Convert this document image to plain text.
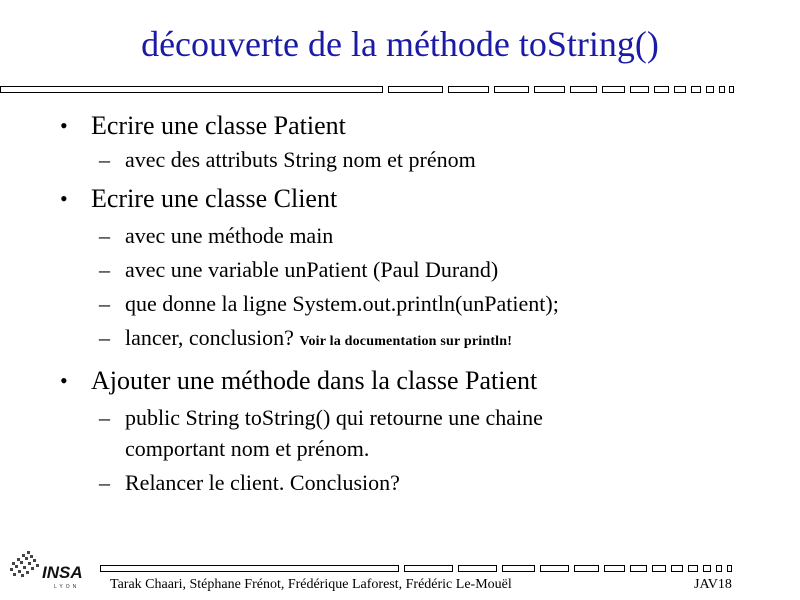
découverte de la méthode toString()
• Ecrire une classe Patient
– avec des attributs String nom et prénom
• Ecrire une classe Client
– avec une méthode main
– avec une variable unPatient (Paul Durand)
– que donne la ligne System.out.println(unPatient);
– lancer, conclusion? Voir la documentation sur println!
• Ajouter une méthode dans la classe Patient
– public String toString() qui retourne une chaine
comportant nom et prénom.
– Relancer le client. Conclusion?
INSA
LYON Tarak Chaari, Stéphane Frénot, Frédérique Laforest, Frédéric Le-Mouël	JAV18
